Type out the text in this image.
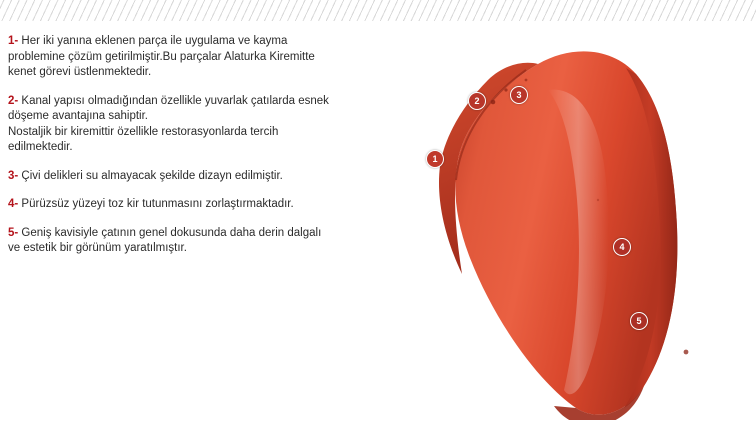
1- Her iki yanına eklenen parça ile uygulama ve kayma
problemine çözüm getirilmiştir.Bu parçalar Alaturka Kiremitte
kenet görevi üstlenmektedir.

2- Kanal yapısı olmadığından özellikle yuvarlak çatılarda esnek
döşeme avantajına sahiptir.
Nostaljik bir kiremittir özellikle restorasyonlarda tercih
edilmektedir.

3- Çivi delikleri su almayacak şekilde dizayn edilmiştir.

4- Pürüzsüz yüzeyi toz kir tutunmasını zorlaştırmaktadır.

5- Geniş kavisiyle çatının genel dokusunda daha derin dalgalı
ve estetik bir görünüm yaratılmıştır.

1
2
3
4
5
